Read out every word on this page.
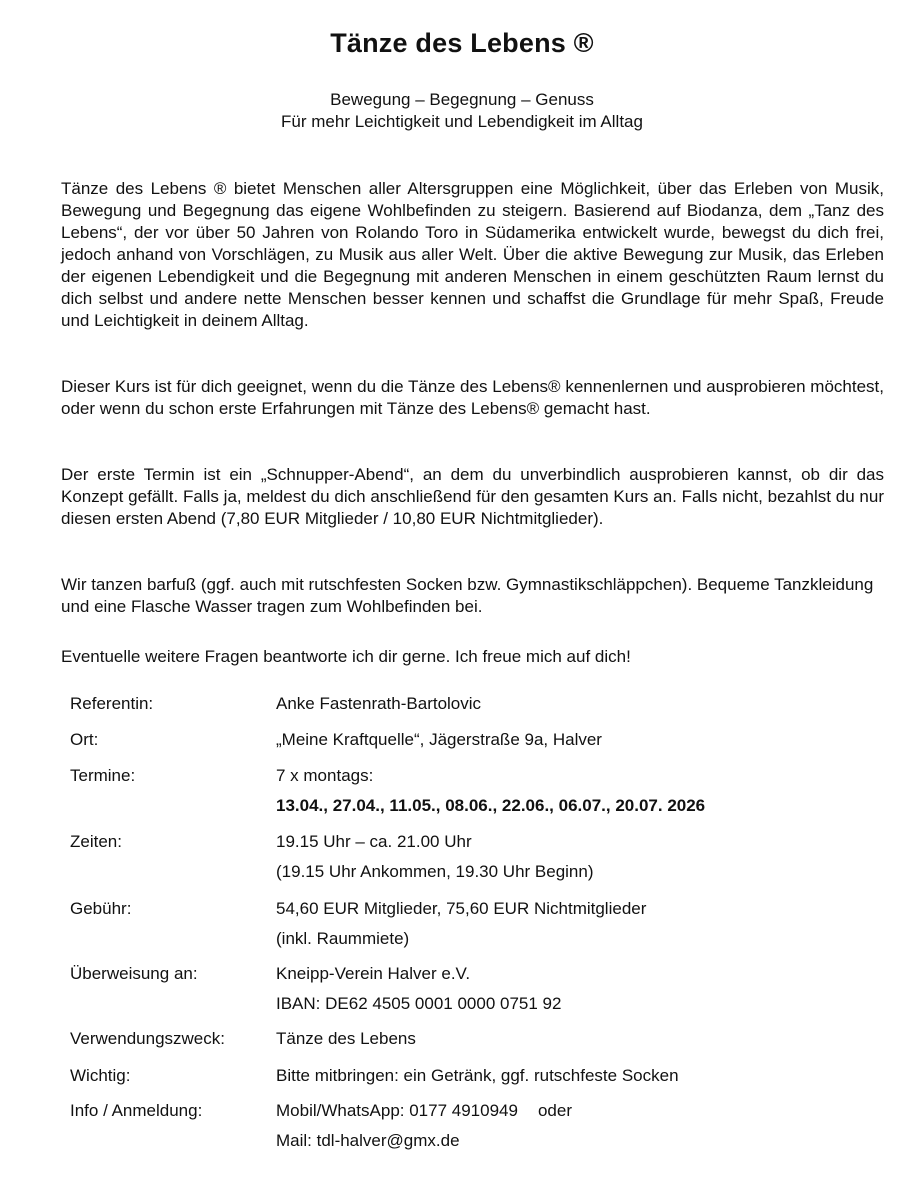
Tänze des Lebens ®
Bewegung – Begegnung – Genuss
Für mehr Leichtigkeit und Lebendigkeit im Alltag

Tänze des Lebens ® bietet Menschen aller Altersgruppen eine Möglichkeit, über das Erleben von Musik, Bewegung und Begegnung das eigene Wohlbefinden zu steigern. Basierend auf Biodanza, dem „Tanz des Lebens“, der vor über 50 Jahren von Rolando Toro in Südamerika entwickelt wurde, bewegst du dich frei, jedoch anhand von Vorschlägen, zu Musik aus aller Welt. Über die aktive Bewegung zur Musik, das Erleben der eigenen Lebendigkeit und die Begegnung mit anderen Menschen in einem geschützten Raum lernst du dich selbst und andere nette Menschen besser kennen und schaffst die Grundlage für mehr Spaß, Freude und Leichtigkeit in deinem Alltag.

Dieser Kurs ist für dich geeignet, wenn du die Tänze des Lebens® kennenlernen und ausprobieren möchtest, oder wenn du schon erste Erfahrungen mit Tänze des Lebens® gemacht hast.

Der erste Termin ist ein „Schnupper-Abend“, an dem du unverbindlich ausprobieren kannst, ob dir das Konzept gefällt. Falls ja, meldest du dich anschließend für den gesamten Kurs an. Falls nicht, bezahlst du nur diesen ersten Abend (7,80 EUR Mitglieder / 10,80 EUR Nichtmitglieder).

Wir tanzen barfuß (ggf. auch mit rutschfesten Socken bzw. Gymnastikschläppchen). Bequeme Tanzkleidung und eine Flasche Wasser tragen zum Wohlbefinden bei.

Eventuelle weitere Fragen beantworte ich dir gerne. Ich freue mich auf dich!

Referentin:	Anke Fastenrath-Bartolovic
Ort:	„Meine Kraftquelle“, Jägerstraße 9a, Halver
Termine:	7 x montags:
13.04., 27.04., 11.05., 08.06., 22.06., 06.07., 20.07. 2026
Zeiten:	19.15 Uhr – ca. 21.00 Uhr
(19.15 Uhr Ankommen, 19.30 Uhr Beginn)
Gebühr:	54,60 EUR Mitglieder, 75,60 EUR Nichtmitglieder
(inkl. Raummiete)
Überweisung an:	Kneipp-Verein Halver e.V.
IBAN: DE62 4505 0001 0000 0751 92
Verwendungszweck:	Tänze des Lebens
Wichtig:	Bitte mitbringen: ein Getränk, ggf. rutschfeste Socken
Info / Anmeldung:	Mobil/WhatsApp: 0177 4910949 oder
Mail: tdl-halver@gmx.de
